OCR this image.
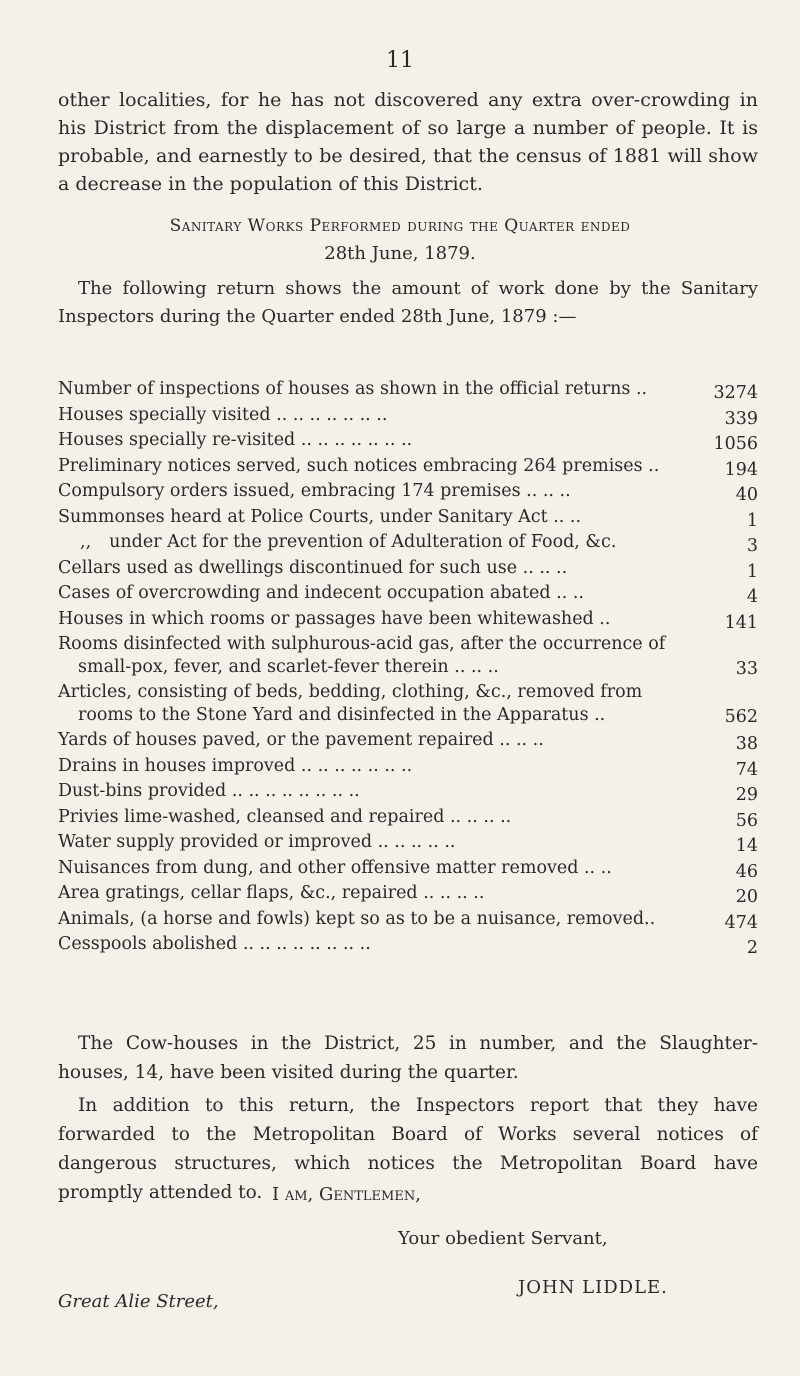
11
other localities, for he has not discovered any extra over-crowding in his District from the displacement of so large a number of people. It is probable, and earnestly to be desired, that the census of 1881 will show a decrease in the population of this District.
Sanitary Works Performed during the Quarter ended
28th June, 1879.
The following return shows the amount of work done by the Sanitary Inspectors during the Quarter ended 28th June, 1879 :—
Number of inspections of houses as shown in the official returns ..	3274
Houses specially visited .. .. .. .. .. .. ..	339
Houses specially re-visited .. .. .. .. .. .. ..	1056
Preliminary notices served, such notices embracing 264 premises ..	194
Compulsory orders issued, embracing 174 premises .. .. ..	40
Summonses heard at Police Courts, under Sanitary Act .. ..	1
,, under Act for the prevention of Adulteration of Food, &c.	3
Cellars used as dwellings discontinued for such use .. .. ..	1
Cases of overcrowding and indecent occupation abated .. ..	4
Houses in which rooms or passages have been whitewashed ..	141
Rooms disinfected with sulphurous-acid gas, after the occurrence of
small-pox, fever, and scarlet-fever therein .. .. ..	33
Articles, consisting of beds, bedding, clothing, &c., removed from
rooms to the Stone Yard and disinfected in the Apparatus ..	562
Yards of houses paved, or the pavement repaired .. .. ..	38
Drains in houses improved .. .. .. .. .. .. ..	74
Dust-bins provided .. .. .. .. .. .. .. ..	29
Privies lime-washed, cleansed and repaired .. .. .. ..	56
Water supply provided or improved .. .. .. .. ..	14
Nuisances from dung, and other offensive matter removed .. ..	46
Area gratings, cellar flaps, &c., repaired .. .. .. ..	20
Animals, (a horse and fowls) kept so as to be a nuisance, removed..	474
Cesspools abolished .. .. .. .. .. .. .. ..	2
The Cow-houses in the District, 25 in number, and the Slaughter-houses, 14, have been visited during the quarter.
In addition to this return, the Inspectors report that they have forwarded to the Metropolitan Board of Works several notices of dangerous structures, which notices the Metropolitan Board have promptly attended to. I am, Gentlemen,
Your obedient Servant,
JOHN LIDDLE.
Great Alie Street,
